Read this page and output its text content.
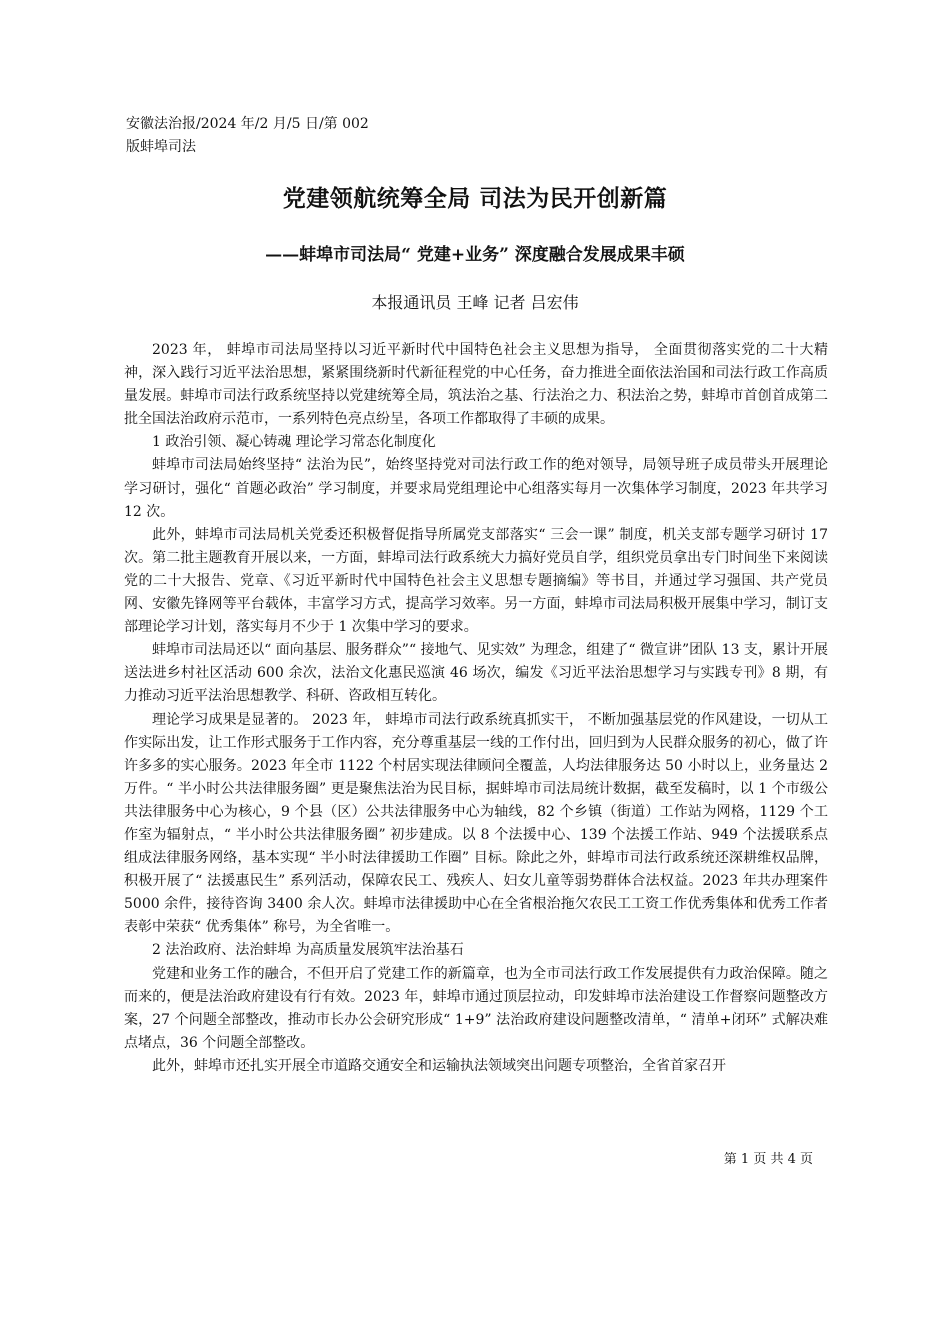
安徽法治报/2024 年/2 月/5 日/第 002
版蚌埠司法
党建领航统筹全局 司法为民开创新篇
——蚌埠市司法局“ 党建+业务” 深度融合发展成果丰硕
本报通讯员 王峰 记者 吕宏伟

2023 年， 蚌埠市司法局坚持以习近平新时代中国特色社会主义思想为指导， 全面贯彻落实党的二十大精神，深入践行习近平法治思想，紧紧围绕新时代新征程党的中心任务，奋力推进全面依法治国和司法行政工作高质量发展。蚌埠市司法行政系统坚持以党建统筹全局，筑法治之基、行法治之力、积法治之势，蚌埠市首创首成第二批全国法治政府示范市，一系列特色亮点纷呈，各项工作都取得了丰硕的成果。

1 政治引领、凝心铸魂 理论学习常态化制度化

蚌埠市司法局始终坚持“ 法治为民”，始终坚持党对司法行政工作的绝对领导，局领导班子成员带头开展理论学习研讨，强化“ 首题必政治” 学习制度，并要求局党组理论中心组落实每月一次集体学习制度，2023 年共学习 12 次。

此外，蚌埠市司法局机关党委还积极督促指导所属党支部落实“ 三会一课” 制度，机关支部专题学习研讨 17 次。第二批主题教育开展以来，一方面，蚌埠司法行政系统大力搞好党员自学，组织党员拿出专门时间坐下来阅读党的二十大报告、党章、《习近平新时代中国特色社会主义思想专题摘编》等书目，并通过学习强国、共产党员网、安徽先锋网等平台载体，丰富学习方式，提高学习效率。另一方面，蚌埠市司法局积极开展集中学习，制订支部理论学习计划，落实每月不少于 1 次集中学习的要求。

蚌埠市司法局还以“ 面向基层、服务群众”“ 接地气、见实效” 为理念，组建了“ 微宣讲”团队 13 支，累计开展送法进乡村社区活动 600 余次，法治文化惠民巡演 46 场次，编发《习近平法治思想学习与实践专刊》8 期，有力推动习近平法治思想教学、科研、咨政相互转化。

理论学习成果是显著的。 2023 年， 蚌埠市司法行政系统真抓实干， 不断加强基层党的作风建设，一切从工作实际出发，让工作形式服务于工作内容，充分尊重基层一线的工作付出，回归到为人民群众服务的初心，做了许许多多的实心服务。2023 年全市 1122 个村居实现法律顾问全覆盖，人均法律服务达 50 小时以上，业务量达 2 万件。“ 半小时公共法律服务圈” 更是聚焦法治为民目标，据蚌埠市司法局统计数据，截至发稿时，以 1 个市级公共法律服务中心为核心，9 个县（区）公共法律服务中心为轴线，82 个乡镇（街道）工作站为网格，1129 个工作室为辐射点，“ 半小时公共法律服务圈” 初步建成。以 8 个法援中心、139 个法援工作站、949 个法援联系点组成法律服务网络，基本实现“ 半小时法律援助工作圈” 目标。除此之外，蚌埠市司法行政系统还深耕维权品牌，积极开展了“ 法援惠民生” 系列活动，保障农民工、残疾人、妇女儿童等弱势群体合法权益。2023 年共办理案件 5000 余件，接待咨询 3400 余人次。蚌埠市法律援助中心在全省根治拖欠农民工工资工作优秀集体和优秀工作者表彰中荣获“ 优秀集体” 称号，为全省唯一。

2 法治政府、法治蚌埠 为高质量发展筑牢法治基石

党建和业务工作的融合，不但开启了党建工作的新篇章，也为全市司法行政工作发展提供有力政治保障。随之而来的，便是法治政府建设有行有效。2023 年，蚌埠市通过顶层拉动，印发蚌埠市法治建设工作督察问题整改方案，27 个问题全部整改，推动市长办公会研究形成“ 1+9” 法治政府建设问题整改清单，“ 清单+闭环” 式解决难点堵点，36 个问题全部整改。

此外，蚌埠市还扎实开展全市道路交通安全和运输执法领域突出问题专项整治，全省首家召开

第 1 页 共 4 页
